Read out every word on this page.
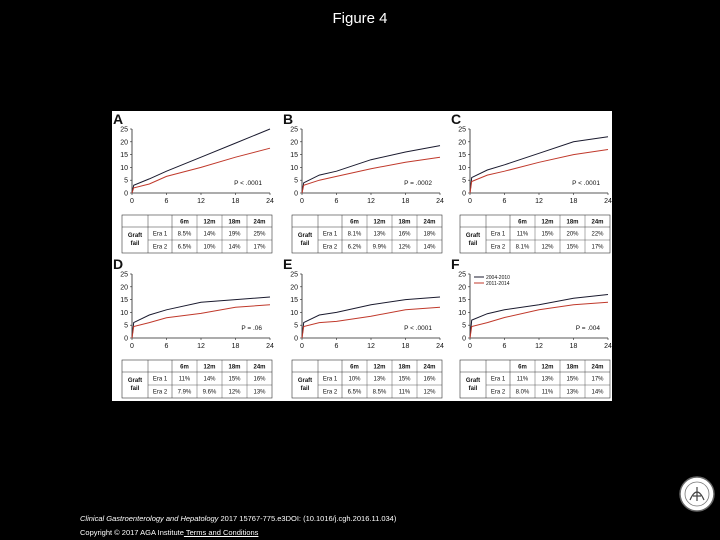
Figure 4
A
0
5
10
15
20
25
0	6	12	18	24
P < .0001
6m 12m 18m 24m
Graft
fail
Era 1 8.5% 14% 19% 25%
Era 2 6.5% 10% 14% 17%
B
0
5
10
15
20
25
0	6	12	18	24
P = .0002
6m 12m 18m 24m
Graft
fail
Era 1 8.1% 13% 16% 18%
Era 2 6.2% 9.9% 12% 14%
C
0
5
10
15
20
25
0	6	12	18	24
P < .0001
6m 12m 18m 24m
Graft
fail
Era 1 11% 15% 20% 22%
Era 2 8.1% 12% 15% 17%
D
0
5
10
15
20
25
0	6	12	18	24
P = .06
6m 12m 18m 24m
Graft
fail
Era 1 11% 14% 15% 16%
Era 2 7.9% 9.6% 12% 13%
E
0
5
10
15
20
25
0	6	12	18	24
P < .0001
6m 12m 18m 24m
Graft
fail
Era 1 10% 13% 15% 16%
Era 2 6.5% 8.5% 11% 12%
F
0
5
10
15
20
25
0	6	12	18	24
P = .004
2004-2010
2011-2014
6m 12m 18m 24m
Graft
fail
Era 1 11% 13% 15% 17%
Era 2 8.0% 11% 13% 14%
Clinical Gastroenterology and Hepatology 2017 15767-775.e3DOI: (10.1016/j.cgh.2016.11.034)
Copyright © 2017 AGA Institute Terms and Conditions
